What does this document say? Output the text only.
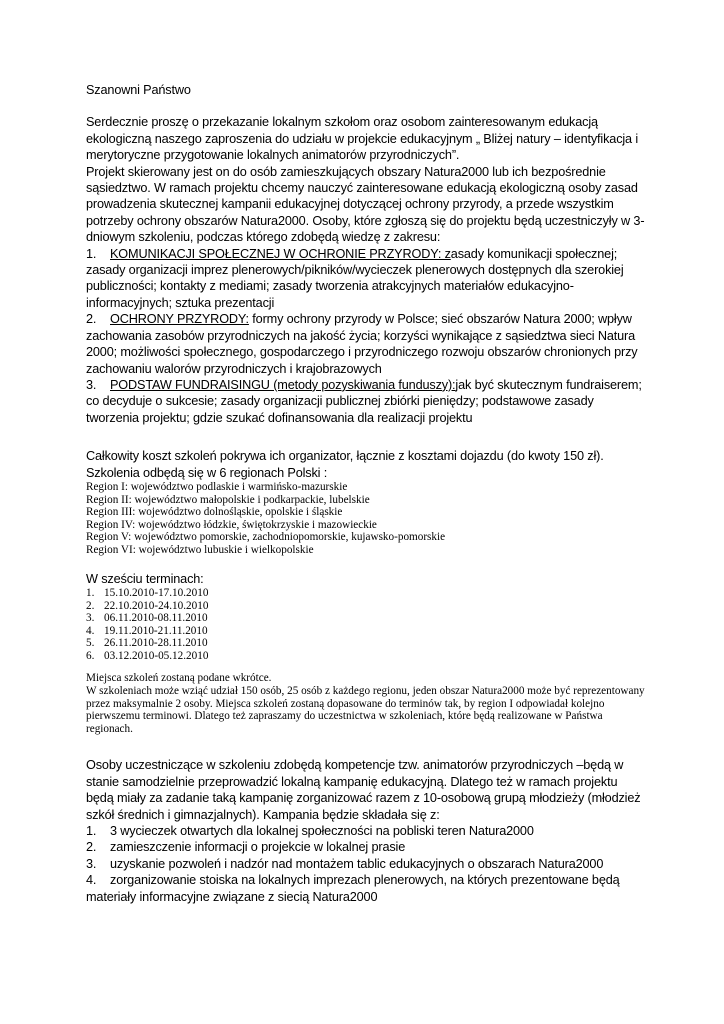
Szanowni Państwo

Serdecznie proszę o przekazanie lokalnym szkołom oraz osobom zainteresowanym edukacją ekologiczną naszego zaproszenia do udziału w projekcie edukacyjnym „ Bliżej natury – identyfikacja i merytoryczne przygotowanie lokalnych animatorów przyrodniczych”.

Projekt skierowany jest on do osób zamieszkujących obszary Natura2000 lub ich bezpośrednie sąsiedztwo. W ramach projektu chcemy nauczyć zainteresowane edukacją ekologiczną osoby zasad prowadzenia skutecznej kampanii edukacyjnej dotyczącej ochrony przyrody, a przede wszystkim potrzeby ochrony obszarów Natura2000. Osoby, które zgłoszą się do projektu będą uczestniczyły w 3-dniowym szkoleniu, podczas którego zdobędą wiedzę z zakresu:

1. KOMUNIKACJI SPOŁECZNEJ W OCHRONIE PRZYRODY: zasady komunikacji społecznej; zasady organizacji imprez plenerowych/pikników/wycieczek plenerowych dostępnych dla szerokiej publiczności; kontakty z mediami; zasady tworzenia atrakcyjnych materiałów edukacyjno-informacyjnych; sztuka prezentacji

2. OCHRONY PRZYRODY: formy ochrony przyrody w Polsce; sieć obszarów Natura 2000; wpływ zachowania zasobów przyrodniczych na jakość życia; korzyści wynikające z sąsiedztwa sieci Natura 2000; możliwości społecznego, gospodarczego i przyrodniczego rozwoju obszarów chronionych przy zachowaniu walorów przyrodniczych i krajobrazowych

3. PODSTAW FUNDRAISINGU (metody pozyskiwania funduszy):jak być skutecznym fundraiserem; co decyduje o sukcesie; zasady organizacji publicznej zbiórki pieniędzy; podstawowe zasady tworzenia projektu; gdzie szukać dofinansowania dla realizacji projektu

Całkowity koszt szkoleń pokrywa ich organizator, łącznie z kosztami dojazdu (do kwoty 150 zł).

Szkolenia odbędą się w 6 regionach Polski :

Region I: województwo podlaskie i warmińsko-mazurskie

Region II: województwo małopolskie i podkarpackie, lubelskie

Region III: województwo dolnośląskie, opolskie i śląskie

Region IV: województwo łódzkie, świętokrzyskie i mazowieckie

Region V: województwo pomorskie, zachodniopomorskie, kujawsko-pomorskie

Region VI: województwo lubuskie i wielkopolskie

W sześciu terminach:

1. 15.10.2010-17.10.2010

2. 22.10.2010-24.10.2010

3. 06.11.2010-08.11.2010

4. 19.11.2010-21.11.2010

5. 26.11.2010-28.11.2010

6. 03.12.2010-05.12.2010

Miejsca szkoleń zostaną podane wkrótce.

W szkoleniach może wziąć udział 150 osób, 25 osób z każdego regionu, jeden obszar Natura2000 może być reprezentowany przez maksymalnie 2 osoby. Miejsca szkoleń zostaną dopasowane do terminów tak, by region I odpowiadał kolejno pierwszemu terminowi. Dlatego też zapraszamy do uczestnictwa w szkoleniach, które będą realizowane w Państwa regionach.

Osoby uczestniczące w szkoleniu zdobędą kompetencje tzw. animatorów przyrodniczych –będą w stanie samodzielnie przeprowadzić lokalną kampanię edukacyjną. Dlatego też w ramach projektu będą miały za zadanie taką kampanię zorganizować razem z 10-osobową grupą młodzieży (młodzież szkół średnich i gimnazjalnych). Kampania będzie składała się z:

1. 3 wycieczek otwartych dla lokalnej społeczności na pobliski teren Natura2000

2. zamieszczenie informacji o projekcie w lokalnej prasie

3. uzyskanie pozwoleń i nadzór nad montażem tablic edukacyjnych o obszarach Natura2000

4. zorganizowanie stoiska na lokalnych imprezach plenerowych, na których prezentowane będą materiały informacyjne związane z siecią Natura2000
